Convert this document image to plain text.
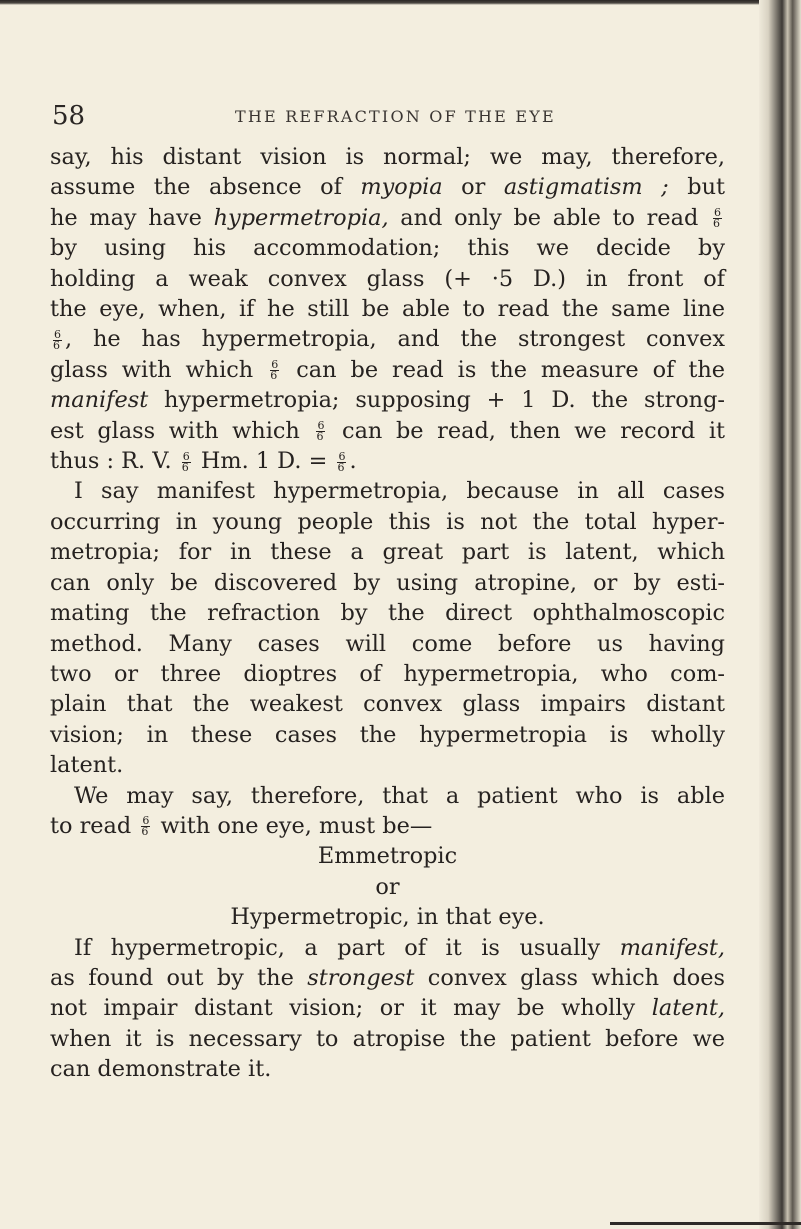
58	THE REFRACTION OF THE EYE
say, his distant vision is normal; we may, therefore,
assume the absence of myopia or astigmatism ; but
he may have hypermetropia, and only be able to read $\frac{6}{6}$
by using his accommodation; this we decide by
holding a weak convex glass (+ ·5 D.) in front of
the eye, when, if he still be able to read the same line
$\frac{6}{6}$ , he has hypermetropia, and the strongest convex
glass with which $\frac{6}{6}$ can be read is the measure of the
manifest hypermetropia; supposing + 1 D. the strong-
est glass with which $\frac{6}{6}$ can be read, then we record it
thus : R. V. $\frac{6}{6} Hm$. 1 D. = $\frac{6}{6}$ .
I say manifest hypermetropia, because in all cases
occurring in young people this is not the total hyper-
metropia; for in these a great part is latent, which
can only be discovered by using atropine, or by esti-
mating the refraction by the direct ophthalmoscopic
method. Many cases will come before us having
two or three dioptres of hypermetropia, who com-
plain that the weakest convex glass impairs distant
vision; in these cases the hypermetropia is wholly
latent.
We may say, therefore, that a patient who is able
to read $\frac{6}{6}$ with one eye, must be—
Emmetropic
or
Hypermetropic, in that eye.
If hypermetropic, a part of it is usually manifest,
as found out by the strongest convex glass which does
not impair distant vision; or it may be wholly latent,
when it is necessary to atropise the patient before we
can demonstrate it.
